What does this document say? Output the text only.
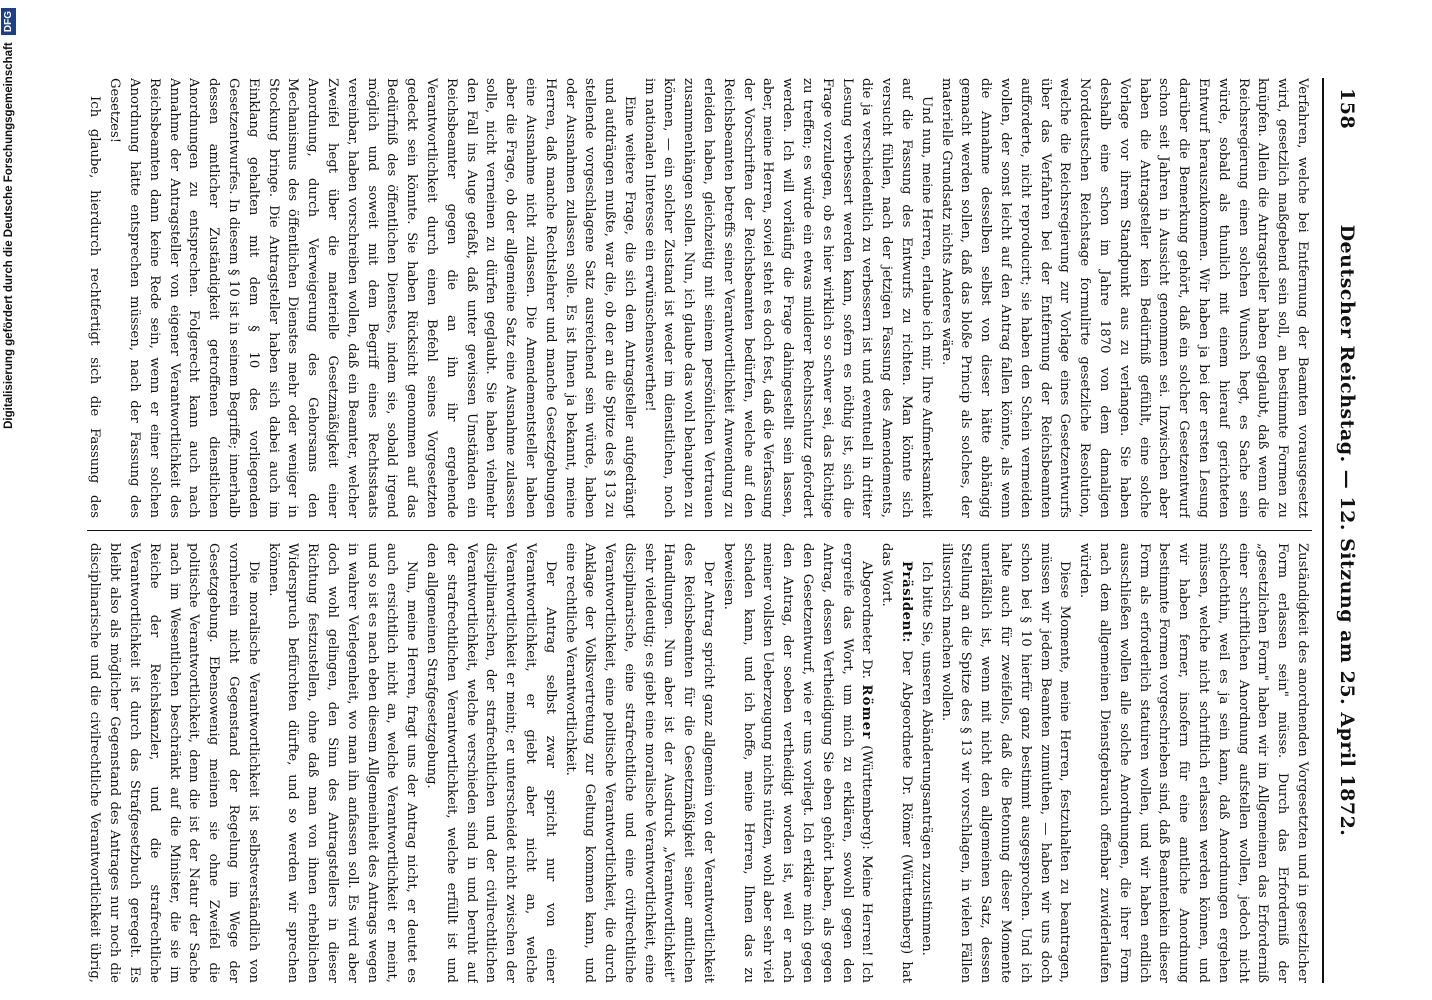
158
Deutscher Reichstag. — 12. Sitzung am 25. April 1872.

Verfahren, welche bei Entfernung der Beamten vorausgesetzt wird, gesetzlich maßgebend sein soll, an bestimmte Formen zu knüpfen. Allein die Antragsteller haben geglaubt, daß wenn die Reichsregierung einen solchen Wunsch hegt, es Sache sein würde, sobald als thunlich mit einem hierauf gerichteten Entwurf herauszukommen. Wir haben ja bei der ersten Lesung darüber die Bemerkung gehört, daß ein solcher Gesetzentwurf schon seit Jahren in Aussicht genommen sei. Inzwischen aber haben die Antragsteller kein Bedürfniß gefühlt, eine solche Vorlage vor ihrem Standpunkt aus zu verlangen. Sie haben deshalb eine schon im Jahre 1870 von dem damaligen Norddeutschen Reichstage formulirte gesetzliche Resolution, welche die Reichsregierung zur Vorlage eines Gesetzentwurfs über das Verfahren bei der Entfernung der Reichsbeamten aufforderte, nicht reproducirt; sie haben den Schein vermeiden wollen, der sonst leicht auf den Antrag fallen könnte, als wenn die Annahme desselben selbst von dieser hätte abhängig gemacht werden sollen, daß das bloße Princip als solches, der materielle Grundsatz nichts Anderes wäre.

Und nun, meine Herren, erlaube ich mir, Ihre Aufmerksamkeit auf die Fassung des Entwurfs zu richten. Man könnte sich versucht fühlen, nach der jetzigen Fassung des Amendements, die ja verschiedentlich zu verbessern ist und eventuell in dritter Lesung verbessert werden kann, sofern es nöthig ist, sich die Frage vorzulegen, ob es hier wirklich so schwer sei, das Richtige zu treffen; es würde ein etwas milderer Rechtsschutz gefordert werden. Ich will vorläufig die Frage dahingestellt sein lassen, aber, meine Herren, soviel steht es doch fest, daß die Verfassung der Vorschriften der Reichsbeamten bedürfen, welche auf den Reichsbeamten betreffs seiner Verantwortlichkeit Anwendung zu erleiden haben, gleichzeitig mit seinem persönlichen Vertrauen zusammenhängen sollen. Nun, ich glaube das wohl behaupten zu können, — ein solcher Zustand ist weder im dienstlichen, noch im nationalen Interesse ein erwünschenswerther!

Eine weitere Frage, die sich dem Antragsteller aufgedrängt und aufdrängen mußte, war die, ob der an die Spitze des § 13 zu stellende vorgeschlagene Satz ausreichend sein würde, haben oder Ausnahmen zulassen solle. Es ist Ihnen ja bekannt, meine Herren, daß manche Rechtslehrer und manche Gesetzgebungen eine Ausnahme nicht zulassen. Die Amendementsteller haben aber die Frage, ob der allgemeine Satz eine Ausnahme zulassen solle, nicht verneinen zu dürfen geglaubt. Sie haben vielmehr den Fall ins Auge gefaßt, daß unter gewissen Umständen ein Reichsbeamter gegen die an ihn ihr ergehende Verantwortlichkeit durch einen Befehl seines Vorgesetzten gedeckt sein könnte. Sie haben Rücksicht genommen auf das Bedürfniß des öffentlichen Dienstes, indem sie, sobald irgend möglich und soweit mit dem Begriff eines Rechtsstaats vereinbar, haben vorschreiben wollen, daß ein Beamter, welcher Zweifel hegt über die materielle Gesetzmäßigkeit einer Anordnung, durch Verweigerung des Gehorsams den Mechanismus des öffentlichen Dienstes mehr oder weniger in Stockung bringe. Die Antragsteller haben sich dabei auch im Einklang gehalten mit dem § 10 des vorliegenden Gesetzentwurfes. In diesem § 10 ist in seinem Begriffe; innerhalb dessen amtlicher Zuständigkeit getroffenen dienstlichen Anordnungen zu entsprechen. Folgerecht kann auch nach Annahme der Antragsteller von eigener Verantwortlichkeit des Reichsbeamten dann keine Rede sein, wenn er einer solchen Anordnung hätte entsprechen müssen, nach der Fassung des Gesetzes!

Ich glaube, hierdurch rechtfertigt sich die Fassung des

Zuständigkeit des anordnenden Vorgesetzten und in gesetzlicher Form erlassen sein" müsse. Durch das Erforderniß der „gesetzlichen Form" haben wir im Allgemeinen das Erforderniß einer schriftlichen Anordnung aufstellen wollen, jedoch nicht schlechthin, weil es ja sein kann, daß Anordnungen ergehen müssen, welche nicht schriftlich erlassen werden können, und wir haben ferner, insofern für eine amtliche Anordnung bestimmte Formen vorgeschrieben sind, daß Beamtenkein dieser Form als erforderlich statuiren wollen, und wir haben endlich ausschließen wollen alle solche Anordnungen, die ihrer Form nach dem allgemeinen Dienstgebrauch offenbar zuwiderlaufen würden.

Diese Momente, meine Herren, festzuhalten zu beantragen, müssen wir jedem Beamten zumuthen, — haben wir uns doch schon bei § 10 hierfür ganz bestimmt ausgesprochen. Und ich halte auch für zweifellos, daß die Betonung dieser Momente unerläßlich ist, wenn mit nicht den allgemeinen Satz, dessen Stellung an die Spitze des § 13 wir vorschlagen, in vielen Fällen illusorisch machen wollen.

Ich bitte Sie, unseren Abänderungsanträgen zuzustimmen.

Präsident: Der Abgeordnete Dr. Römer (Württemberg) hat das Wort.

Abgeordneter Dr. Römer (Württemberg): Meine Herren! Ich ergreife das Wort, um mich zu erklären, sowohl gegen den Antrag, dessen Vertheidigung Sie eben gehört haben, als gegen den Gesetzentwurf, wie er uns vorliegt. Ich erkläre mich gegen den Antrag, der soeben vertheidigt worden ist, weil er nach meiner vollsten Ueberzeugung nichts nützen, wohl aber sehr viel schaden kann, und ich hoffe, meine Herren, Ihnen das zu beweisen.

Der Antrag spricht ganz allgemein von der Verantwortlichkeit des Reichsbeamten für die Gesetzmäßigkeit seiner amtlichen Handlungen. Nun aber ist der Ausdruck „Verantwortlichkeit" sehr vieldeutig; es giebt eine moralische Verantwortlichkeit, eine disciplinarische, eine strafrechtliche und eine civilrechtliche Verantwortlichkeit, eine politische Verantwortlichkeit, die durch Anklage der Volksvertretung zur Geltung kommen kann, und eine rechtliche Verantwortlichkeit.

Der Antrag selbst zwar spricht nur von einer Verantwortlichkeit, er giebt aber nicht an, welche Verantwortlichkeit er meint; er unterscheidet nicht zwischen der disciplinarischen, der strafrechtlichen und der civilrechtlichen Verantwortlichkeit, welche verschieden sind in und beruht auf der strafrechtlichen Verantwortlichkeit, welche erfüllt ist und den allgemeinen Strafgesetzgebung.

Nun, meine Herren, fragt uns der Antrag nicht, er deutet es auch ersichtlich nicht an, welche Verantwortlichkeit er meint, und so ist es nach eben diesem Allgemeinheit des Antrags wegen in wahrer Verlegenheit, wo man ihn anfassen soll. Es wird aber doch wohl gelingen, den Sinn des Antragstellers in dieser Richtung festzustellen, ohne daß man von ihnen erheblichen Widerspruch befürchten dürfte, und so werden wir sprechen können.

Die moralische Verantwortlichkeit ist selbstverständlich von vornherein nicht Gegenstand der Regelung im Wege der Gesetzgebung. Ebensowenig meinen sie ohne Zweifel die politische Verantwortlichkeit, denn die ist der Natur der Sache nach im Wesentlichen beschränkt auf die Minister, die sie im Reiche der Reichskanzler, und die strafrechtliche Verantwortlichkeit ist durch das Strafgesetzbuch geregelt. Es bleibt also als möglicher Gegenstand des Antrages nur noch die disciplinarische und die civilrechtliche Verantwortlichkeit übrig,

Digitalisierung gefördert durch die Deutsche Forschungsgemeinschaft DFG
